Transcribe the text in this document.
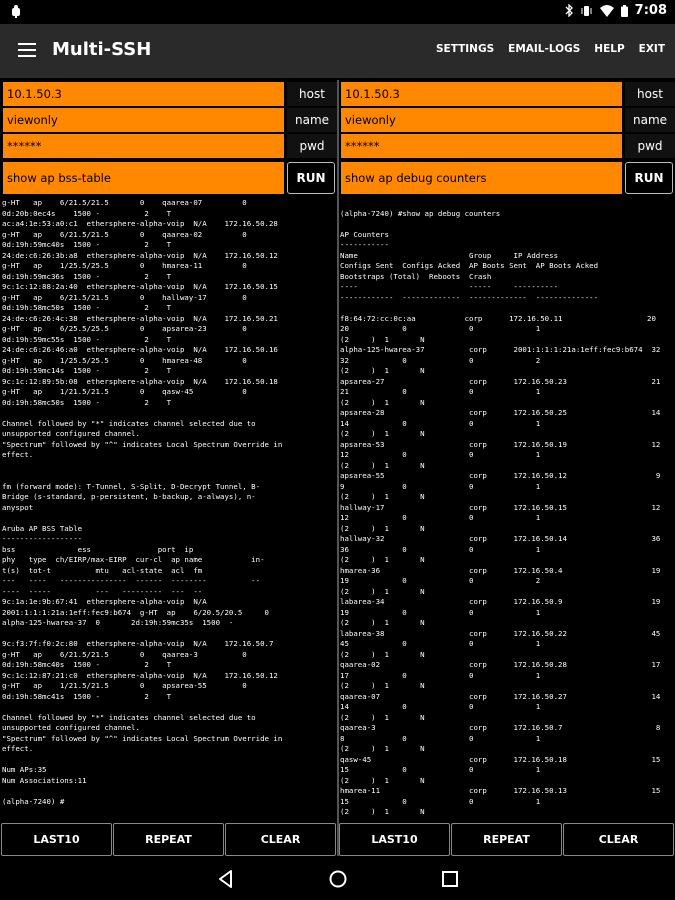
7:08
Multi-SSH	SETTINGS EMAIL-LOGS HELP EXIT
10.1.50.3	host
viewonly	name
******	pwd
show ap bss-table	RUN
g-HT   ap    6/21.5/21.5       0    qaarea-07         0
0d:20b:0ec4s    1500 -          2    T
ac:a4:1e:53:a0:c1  ethersphere-alpha-voip  N/A    172.16.50.28
g-HT   ap    6/21.5/21.5       0    qaarea-02         0
0d:19h:59mc40s  1500 -          2    T
24:de:c6:26:3b:a8  ethersphere-alpha-voip  N/A    172.16.50.12
g-HT   ap    1/25.5/25.5       0    hmarea-11         0
0d:19h:59mc36s  1500 -          2    T
9c:1c:12:88:2a:40  ethersphere-alpha-voip  N/A    172.16.50.15
g-HT   ap    6/21.5/21.5       0    hallway-17        0
0d:19h:58mc50s  1500 -          2    T
24:de:c6:26:4c:38  ethersphere-alpha-voip  N/A    172.16.50.21
g-HT   ap    6/25.5/25.5       0    apsarea-23        0
0d:19h:59mc55s  1500 -          2    T
24:de:c6:26:46:a0  ethersphere-alpha-voip  N/A    172.16.50.16
g-HT   ap    1/25.5/25.5       0    hmarea-48         0
0d:19h:59mc14s  1500 -          2    T
9c:1c:12:89:5b:08  ethersphere-alpha-voip  N/A    172.16.50.18
g-HT   ap    1/21.5/21.5       0    qasw-45           0
0d:19h:58mc50s  1500 -          2    T

Channel followed by "*" indicates channel selected due to
unsupported configured channel.
"Spectrum" followed by "^" indicates Local Spectrum Override in
effect.

fm (forward mode): T-Tunnel, S-Split, D-Decrypt Tunnel, B-
Bridge (s-standard, p-persistent, b-backup, a-always), n-
anyspot

Aruba AP BSS Table
------------------
bss              ess               port  ip
phy   type  ch/EIRP/max-EIRP  cur-cl  ap name           in-
t(s)  tot-t          mtu   acl-state  acl  fm
---   ----   ---------------  ------  --------          --
----  -----          ---   ---------  ---  --
9c:1a:1e:9b:67:41  ethersphere-alpha-voip  N/A
2001:1:1:1:21a:1eff:fec9:b674  g-HT  ap    6/20.5/20.5     0
alpha-125-hwarea-37  0       2d:19h:59mc35s  1500  -

9c:f3:7f:f0:2c:80  ethersphere-alpha-voip  N/A    172.16.50.7
g-HT   ap    6/21.5/21.5       0    qaarea-3          0
0d:19h:58mc40s  1500 -          2    T
9c:1c:12:87:21:c0  ethersphere-alpha-voip  N/A    172.16.50.12
g-HT   ap    1/21.5/21.5       0    apsarea-55        0
0d:19h:58mc41s  1500 -          2    T

Channel followed by "*" indicates channel selected due to
unsupported configured channel.
"Spectrum" followed by "^" indicates Local Spectrum Override in
effect.

Num APs:35
Num Associations:11

(alpha-7240) #
10.1.50.3	host
viewonly	name
******	pwd
show ap debug counters	RUN

(alpha-7240) #show ap debug counters

AP Counters
-----------
Name                         Group     IP Address
Configs Sent  Configs Acked  AP Boots Sent  AP Boots Acked
Bootstraps (Total)  Reboots  Crash
----                         -----     ----------
------------  -------------  -------------  --------------

f8:64:72:cc:0c:aa           corp      172.16.50.11                   20
20            0              0              1
(2     )  1       N
alpha-125-hwarea-37          corp      2001:1:1:1:21a:1eff:fec9:b674  32
32            0              0              2
(2     )  1       N
apsarea-27                   corp      172.16.50.23                   21
21            0              0              1
(2     )  1       N
apsarea-28                   corp      172.16.50.25                   14
14            0              0              1
(2     )  1       N
apsarea-53                   corp      172.16.50.19                   12
12            0              0              1
(2     )  1       N
apsarea-55                   corp      172.16.50.12                    9
9             0              0              1
(2     )  1       N
hallway-17                   corp      172.16.50.15                   12
12            0              0              1
(2     )  1       N
hallway-32                   corp      172.16.50.14                   36
36            0              0              1
(2     )  1       N
hmarea-36                    corp      172.16.50.4                    19
19            0              0              2
(2     )  1       N
labarea-34                   corp      172.16.50.9                    19
19            0              0              1
(2     )  1       N
labarea-38                   corp      172.16.50.22                   45
45            0              0              1
(2     )  1       N
qaarea-02                    corp      172.16.50.28                   17
17            0              0              1
(2     )  1       N
qaarea-07                    corp      172.16.50.27                   14
14            0              0              1
(2     )  1       N
qaarea-3                     corp      172.16.50.7                     8
8             0              0              1
(2     )  1       N
qasw-45                      corp      172.16.50.18                   15
15            0              0              1
(2     )  1       N
hmarea-11                    corp      172.16.50.13                   15
15            0              0              1
(2     )  1       N
LAST10	REPEAT	CLEAR	LAST10	REPEAT	CLEAR
